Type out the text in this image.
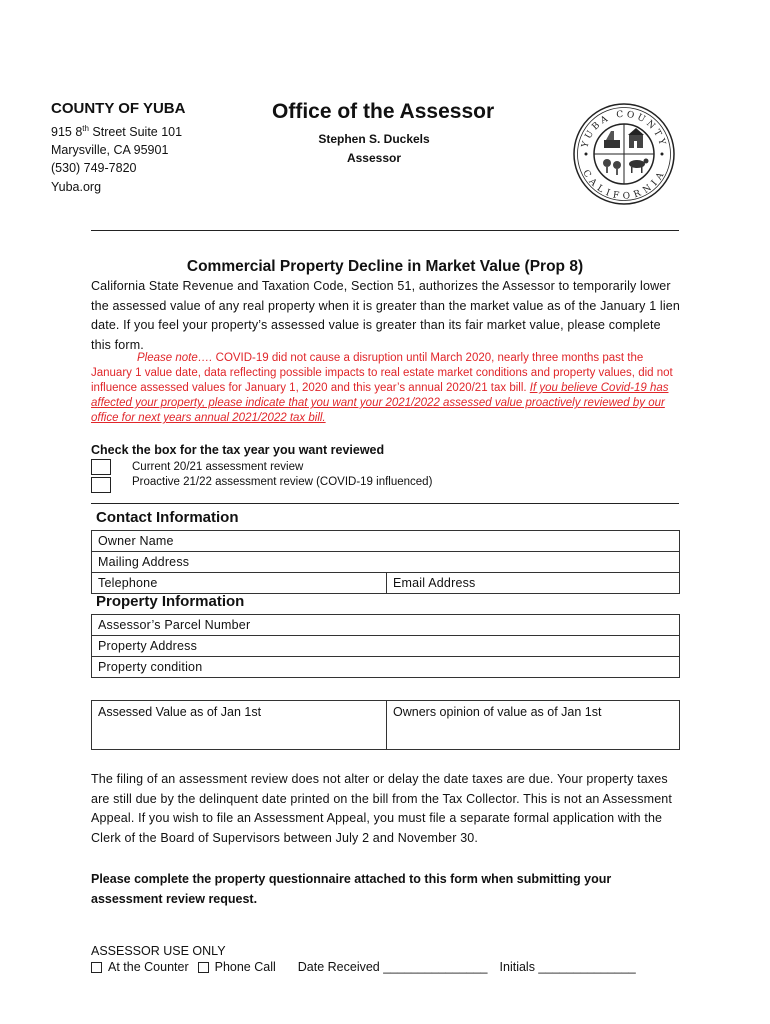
COUNTY OF YUBA
915 8th Street Suite 101
Marysville, CA 95901
(530) 749-7820
Yuba.org
Office of the Assessor
Stephen S. Duckels
Assessor
YUBA COUNTY
CALIFORNIA
Commercial Property Decline in Market Value (Prop 8)
California State Revenue and Taxation Code, Section 51, authorizes the Assessor to temporarily lower the assessed value of any real property when it is greater than the market value as of the January 1 lien date. If you feel your property’s assessed value is greater than its fair market value, please complete this form.
Please note…. COVID-19 did not cause a disruption until March 2020, nearly three months past the January 1 value date, data reflecting possible impacts to real estate market conditions and property values, did not influence assessed values for January 1, 2020 and this year’s annual 2020/21 tax bill. If you believe Covid-19 has affected your property, please indicate that you want your 2021/2022 assessed value proactively reviewed by our office for next years annual 2021/2022 tax bill.
Check the box for the tax year you want reviewed
Current 20/21 assessment review
Proactive 21/22 assessment review (COVID-19 influenced)
Contact Information
Owner Name
Mailing Address
Telephone	Email Address
Property Information
Assessor’s Parcel Number
Property Address
Property condition
Assessed Value as of Jan 1st	Owners opinion of value as of Jan 1st
The filing of an assessment review does not alter or delay the date taxes are due. Your property taxes are still due by the delinquent date printed on the bill from the Tax Collector. This is not an Assessment Appeal. If you wish to file an Assessment Appeal, you must file a separate formal application with the Clerk of the Board of Supervisors between July 2 and November 30.
Please complete the property questionnaire attached to this form when submitting your assessment review request.
ASSESSOR USE ONLY
At the Counter Phone Call Date Received _______________ Initials ______________
